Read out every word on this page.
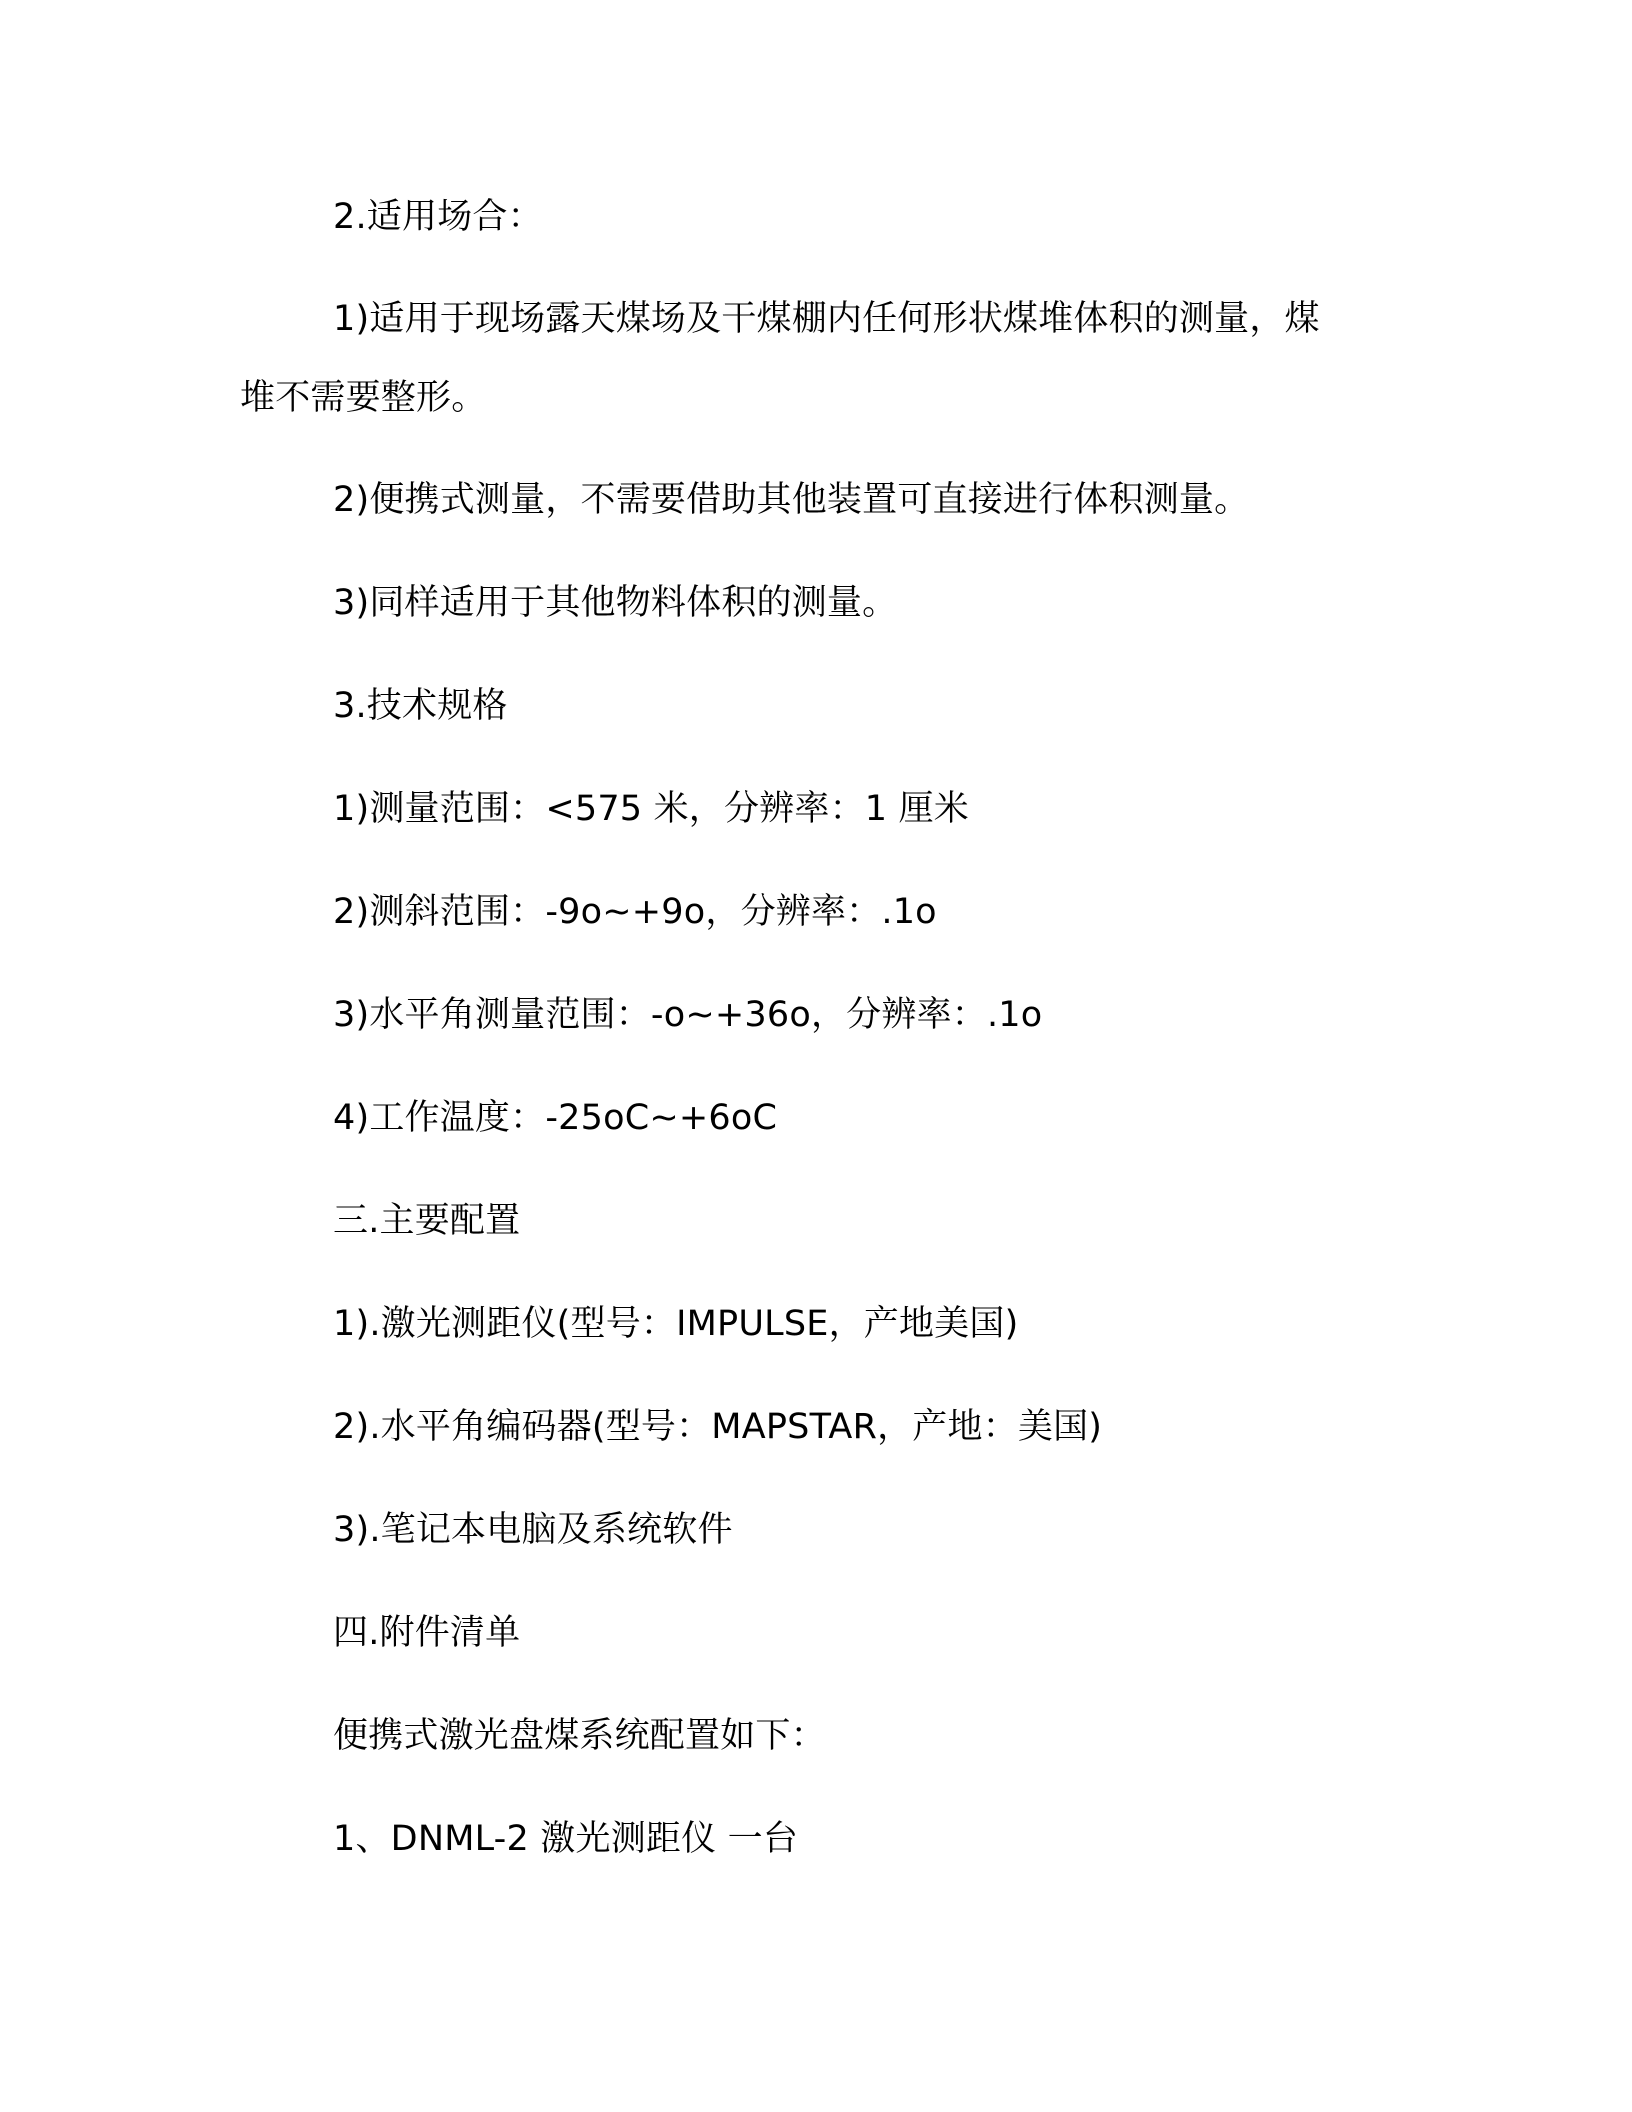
2.适用场合：
1)适用于现场露天煤场及干煤棚内任何形状煤堆体积的测量，煤
堆不需要整形。
2)便携式测量，不需要借助其他装置可直接进行体积测量。
3)同样适用于其他物料体积的测量。
3.技术规格
1)测量范围：<575 米，分辨率：1 厘米
2)测斜范围：-9o~+9o，分辨率：.1o
3)水平角测量范围：-o~+36o，分辨率：.1o
4)工作温度：-25oC~+6oC
三.主要配置
1).激光测距仪(型号：IMPULSE，产地美国)
2).水平角编码器(型号：MAPSTAR，产地：美国)
3).笔记本电脑及系统软件
四.附件清单
便携式激光盘煤系统配置如下：
1、DNML-2 激光测距仪 一台
